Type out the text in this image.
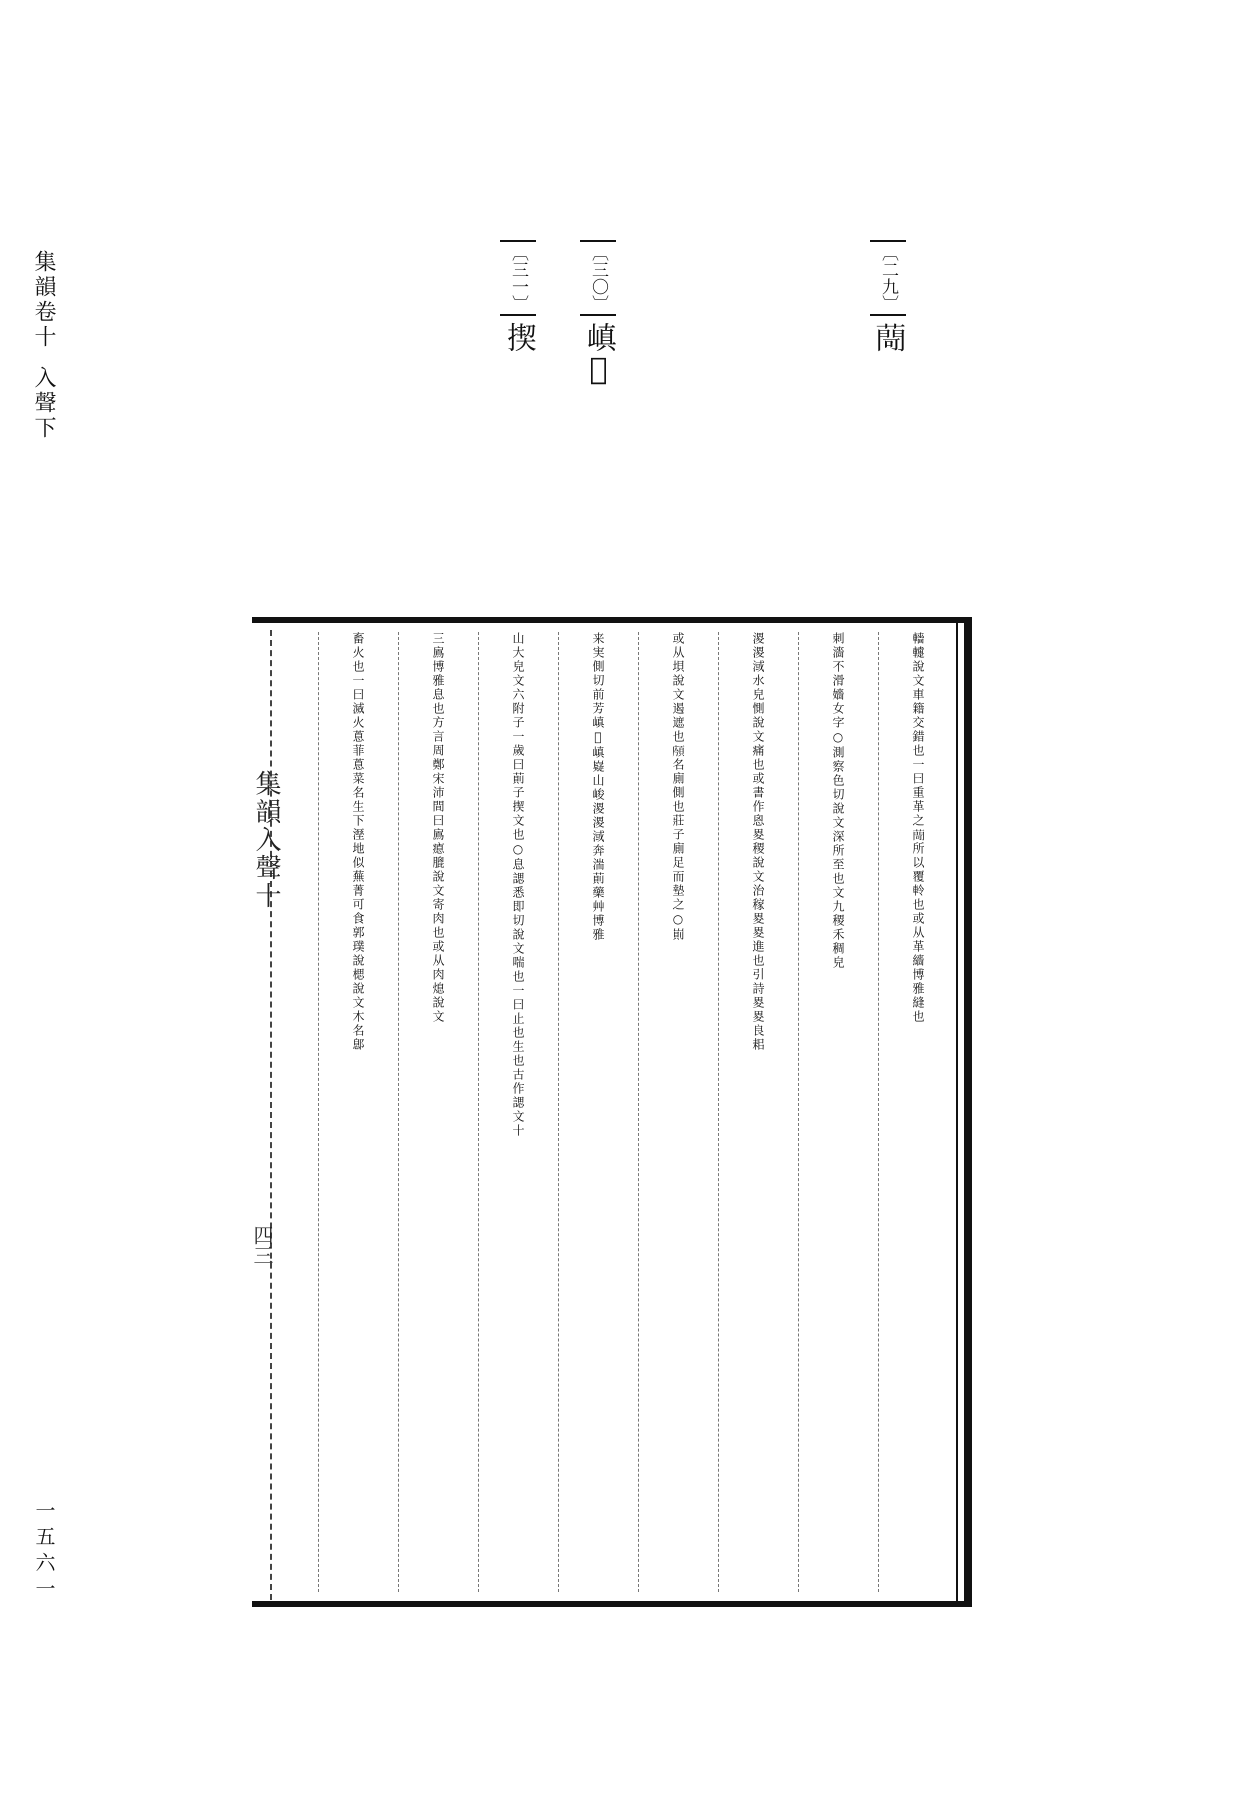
集韻卷十入聲下
一五六一
〔二九〕𦽅
〔三〇〕嵮𡶮
〔三一〕揳
集韻入聲十
四三
轖䡹說文車籍交錯也一曰重革之𦽅所以覆軨也或从革繬博雅縫也
刺濇不滑嬙女字○測察色切說文深所至也文九稷禾稠皃
溭溭淢水皃惻說文痛也或書作恖畟稷說文治稼畟畟進也引詩畟畟良耜
或从垻說文遏遮也𩒯名廁側也莊子廁足而墊之○崱
来実側切前芳嵮𡶮嵮嶷山峻溭溭淢奔湍萴藥艸博雅
山大皃文六附子一歲曰萴子揳文也○息諰悉即切說文喘也一曰止也生也古作諰文十
三鳸博雅息也方言周鄭宋沛間曰鳸瘜膍說文寄肉也或从肉熄說文
畜火也一曰滅火蒠菲蒠菜名生下溼地似蕪菁可食郭璞說楒說文木名鄎
